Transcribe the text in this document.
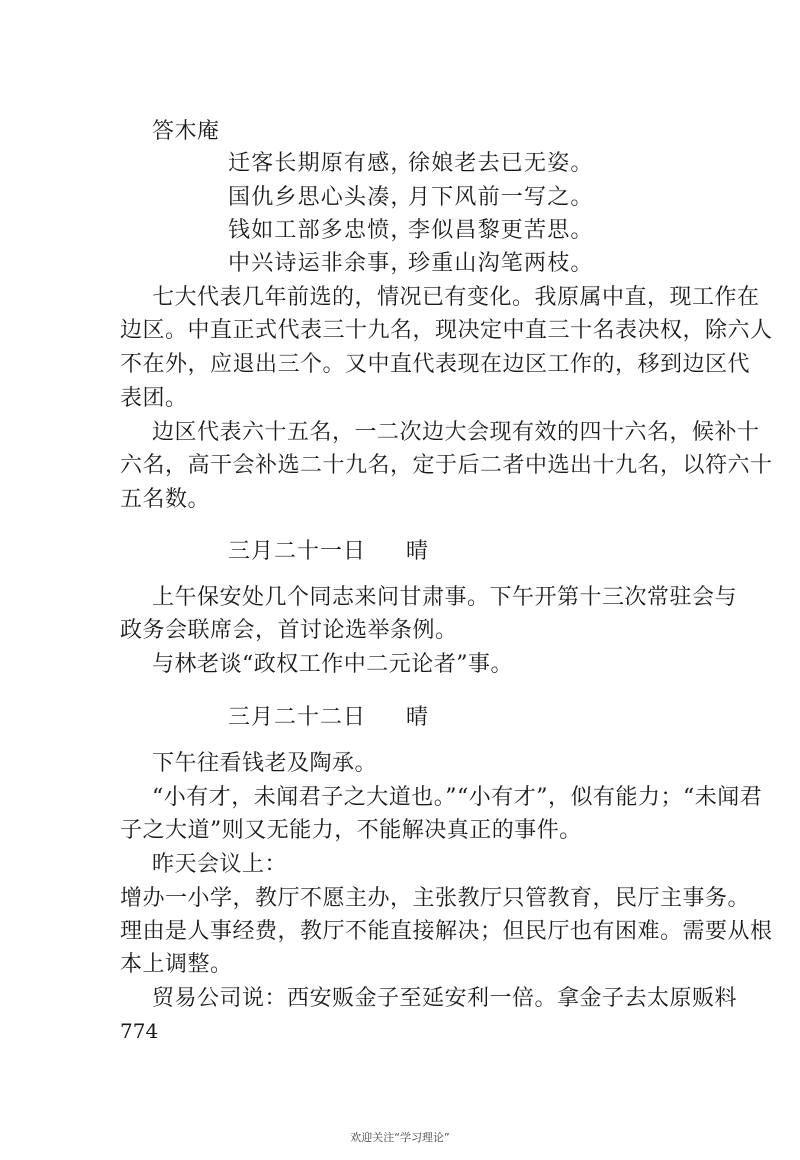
答木庵
迁客长期原有感，
徐娘老去已无姿。
国仇乡思心头凑，
月下风前一写之。
钱如工部多忠愤，
李似昌黎更苦思。
中兴诗运非余事，
珍重山沟笔两枝。
七大代表几年前选的，情况已有变化。我原属中直，现工作在
边区。中直正式代表三十九名，现决定中直三十名表决权，除六人
不在外，应退出三个。又中直代表现在边区工作的，移到边区代
表团。
边区代表六十五名，一二次边大会现有效的四十六名，候补十
六名，高干会补选二十九名，定于后二者中选出十九名，以符六十
五名数。
三月二十一日 晴
上午保安处几个同志来问甘肃事。下午开第十三次常驻会与
政务会联席会，首讨论选举条例。
与林老谈“政权工作中二元论者”事。
三月二十二日 晴
下午往看钱老及陶承。
“小有才，未闻君子之大道也。”“小有才”，似有能力；“未闻君
子之大道”则又无能力，不能解决真正的事件。
昨天会议上：
增办一小学，教厅不愿主办，主张教厅只管教育，民厅主事务。
理由是人事经费，教厅不能直接解决；但民厅也有困难。需要从根
本上调整。
贸易公司说：西安贩金子至延安利一倍。拿金子去太原贩料
774
欢迎关注“学习理论”
